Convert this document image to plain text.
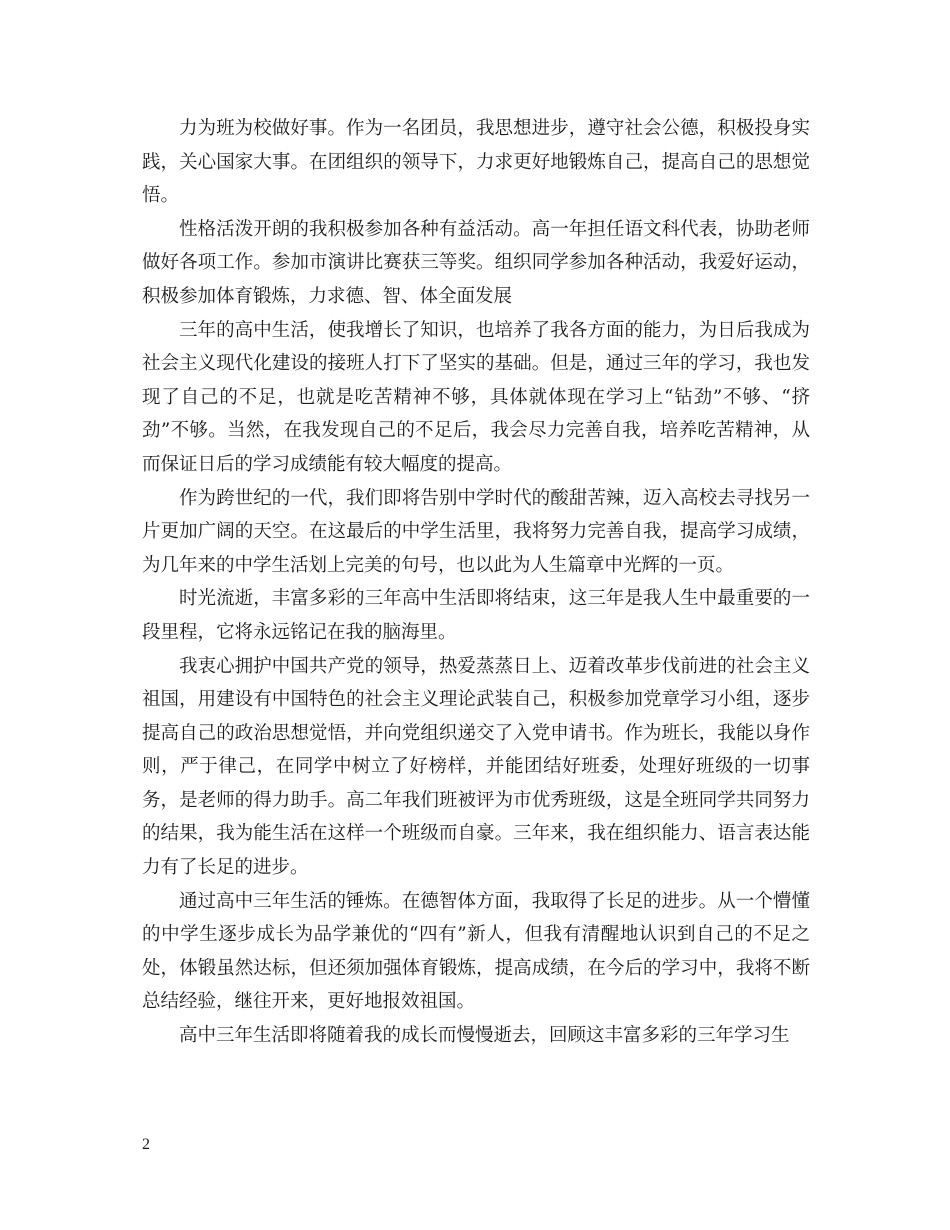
力为班为校做好事。作为一名团员，我思想进步，遵守社会公德，积极投身实践，关心国家大事。在团组织的领导下，力求更好地锻炼自己，提高自己的思想觉悟。

性格活泼开朗的我积极参加各种有益活动。高一年担任语文科代表，协助老师做好各项工作。参加市演讲比赛获三等奖。组织同学参加各种活动，我爱好运动，积极参加体育锻炼，力求德、智、体全面发展

三年的高中生活，使我增长了知识，也培养了我各方面的能力，为日后我成为社会主义现代化建设的接班人打下了坚实的基础。但是，通过三年的学习，我也发现了自己的不足，也就是吃苦精神不够，具体就体现在学习上“钻劲”不够、“挤劲”不够。当然，在我发现自己的不足后，我会尽力完善自我，培养吃苦精神，从而保证日后的学习成绩能有较大幅度的提高。

作为跨世纪的一代，我们即将告别中学时代的酸甜苦辣，迈入高校去寻找另一片更加广阔的天空。在这最后的中学生活里，我将努力完善自我，提高学习成绩，为几年来的中学生活划上完美的句号，也以此为人生篇章中光辉的一页。

时光流逝，丰富多彩的三年高中生活即将结束，这三年是我人生中最重要的一段里程，它将永远铭记在我的脑海里。

我衷心拥护中国共产党的领导，热爱蒸蒸日上、迈着改革步伐前进的社会主义祖国，用建设有中国特色的社会主义理论武装自己，积极参加党章学习小组，逐步提高自己的政治思想觉悟，并向党组织递交了入党申请书。作为班长，我能以身作则，严于律己，在同学中树立了好榜样，并能团结好班委，处理好班级的一切事务，是老师的得力助手。高二年我们班被评为市优秀班级，这是全班同学共同努力的结果，我为能生活在这样一个班级而自豪。三年来，我在组织能力、语言表达能力有了长足的进步。

通过高中三年生活的锤炼。在德智体方面，我取得了长足的进步。从一个懵懂的中学生逐步成长为品学兼优的“四有”新人，但我有清醒地认识到自己的不足之处，体锻虽然达标，但还须加强体育锻炼，提高成绩，在今后的学习中，我将不断总结经验，继往开来，更好地报效祖国。

高中三年生活即将随着我的成长而慢慢逝去，回顾这丰富多彩的三年学习生

2
